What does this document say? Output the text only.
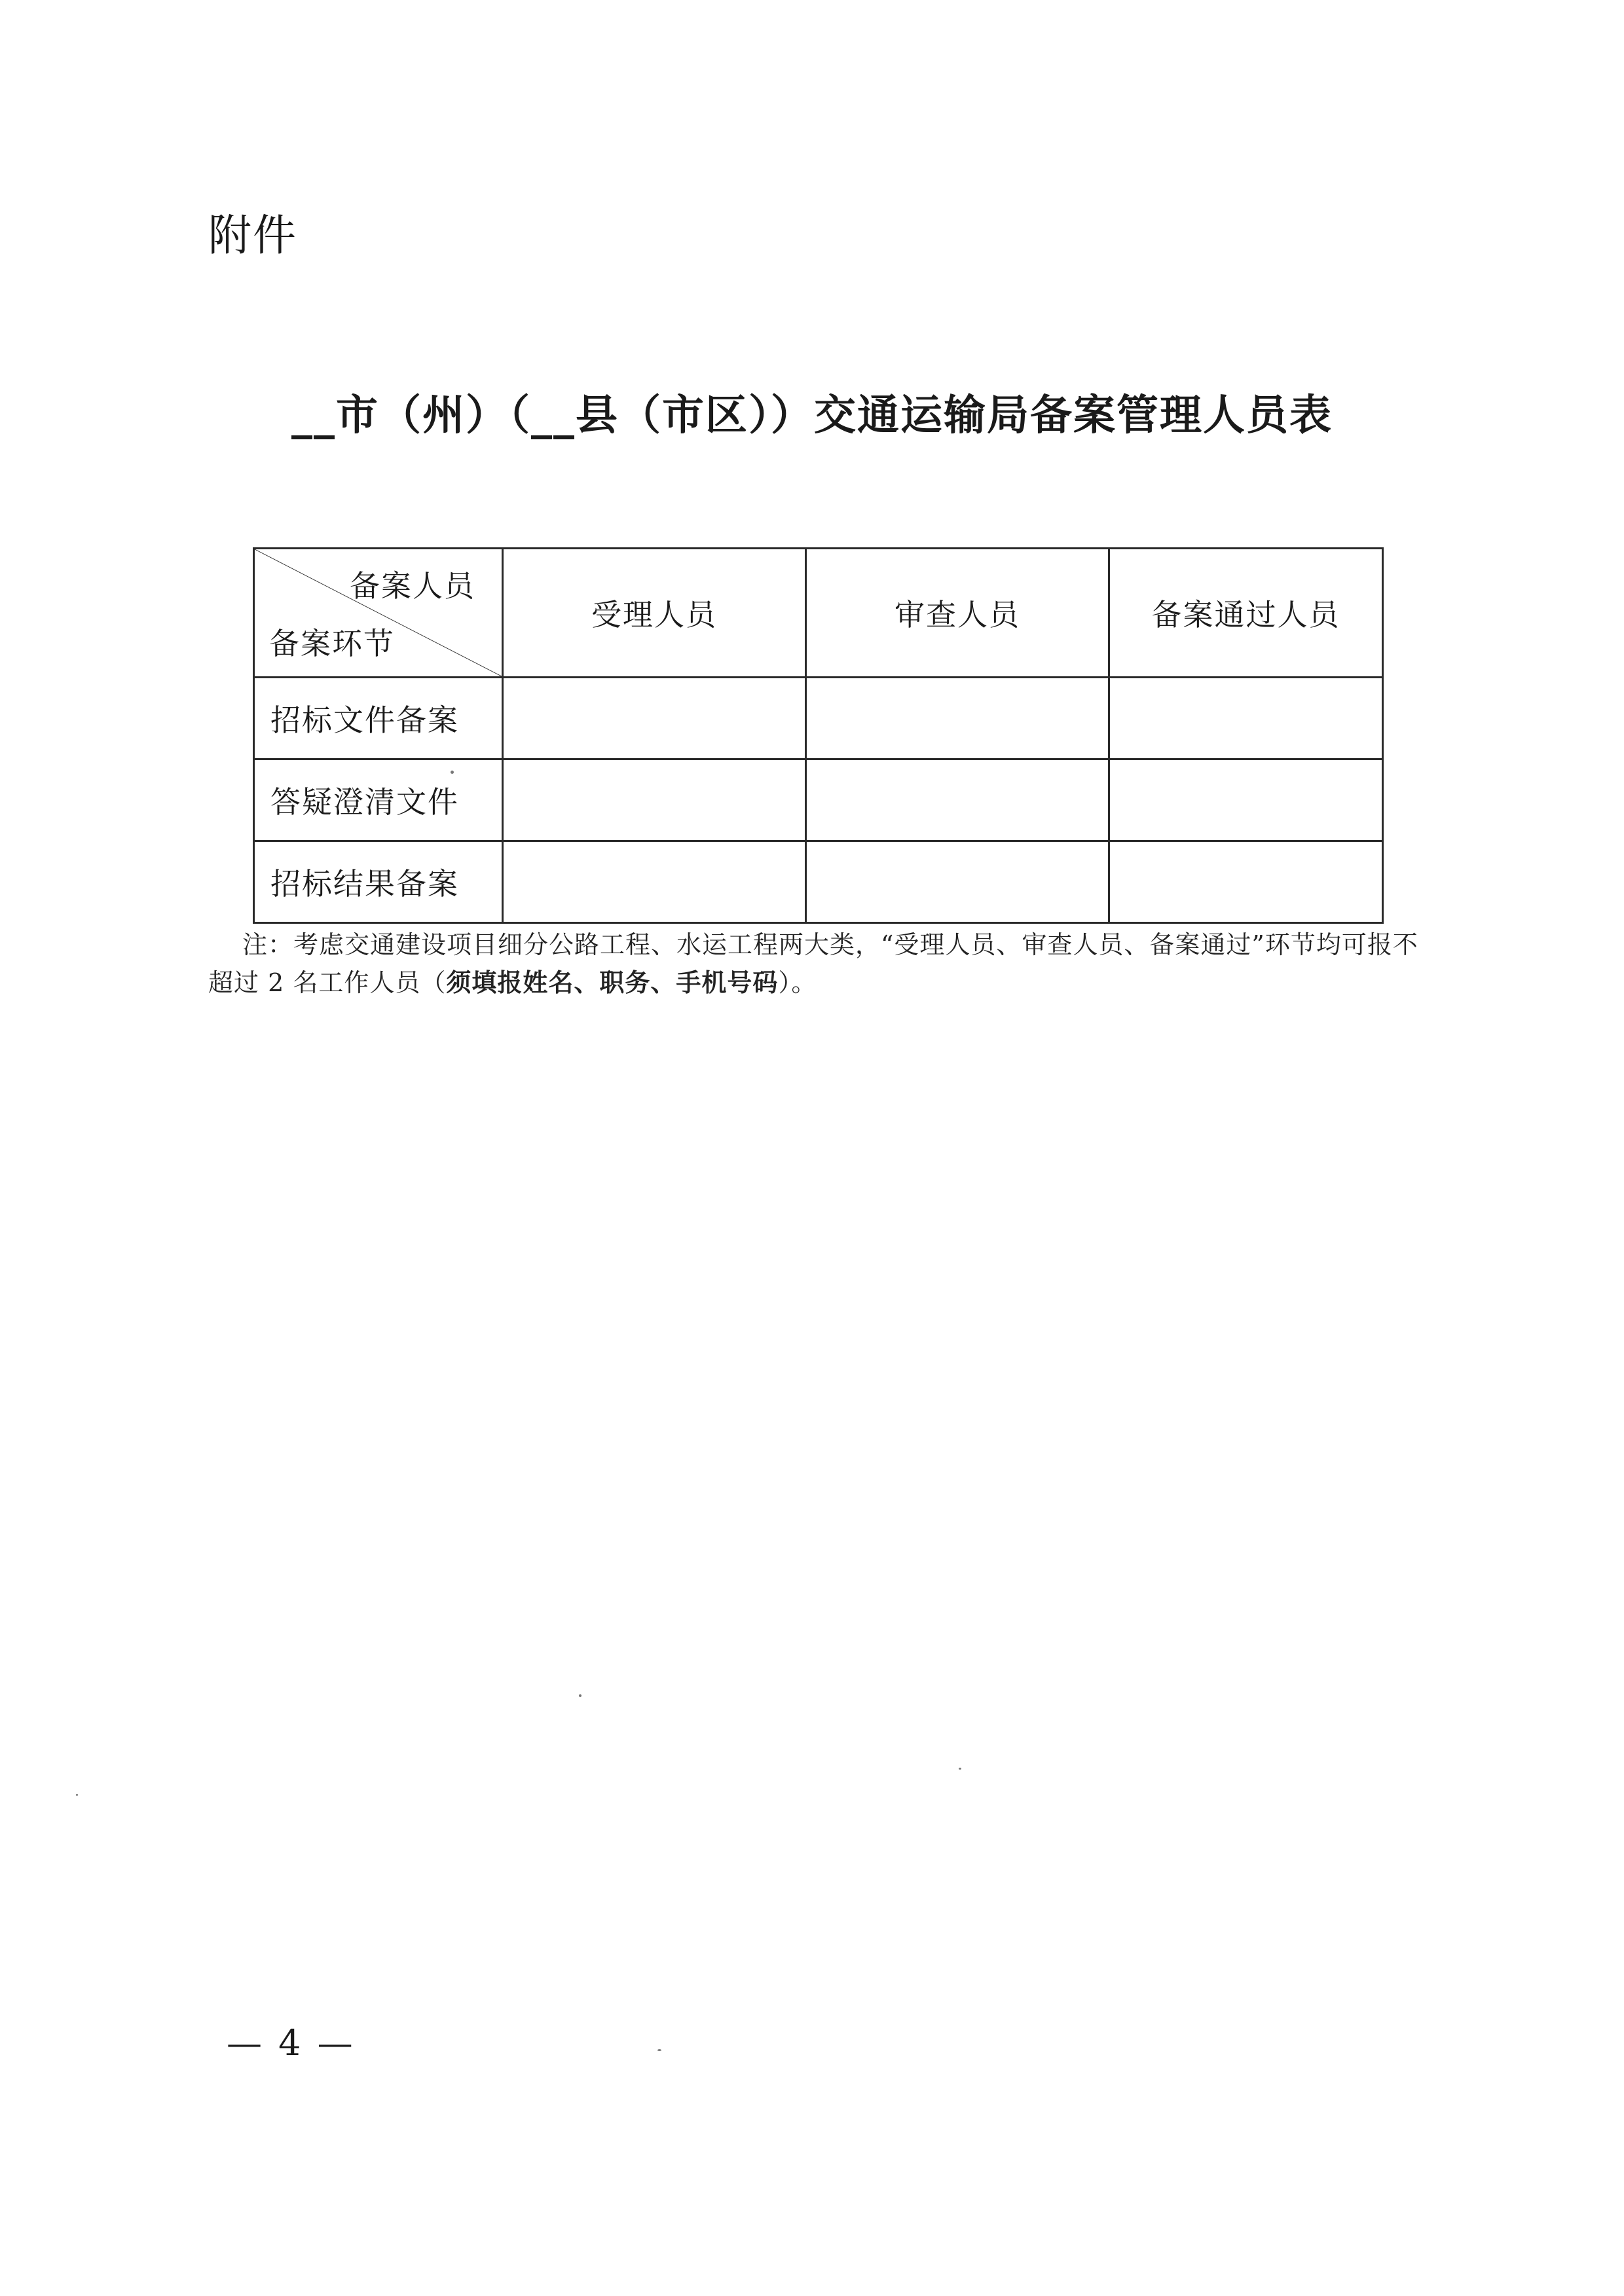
附件
__市（州）（__县（市区））交通运输局备案管理人员表
备案人员
备案环节	受理人员	审查人员	备案通过人员
招标文件备案			
答疑澄清文件			
招标结果备案			
注：考虑交通建设项目细分公路工程、水运工程两大类，“受理人员、审查人员、备案通过”环节均可报不超过 2 名工作人员（须填报姓名、职务、手机号码）。
— 4 —
